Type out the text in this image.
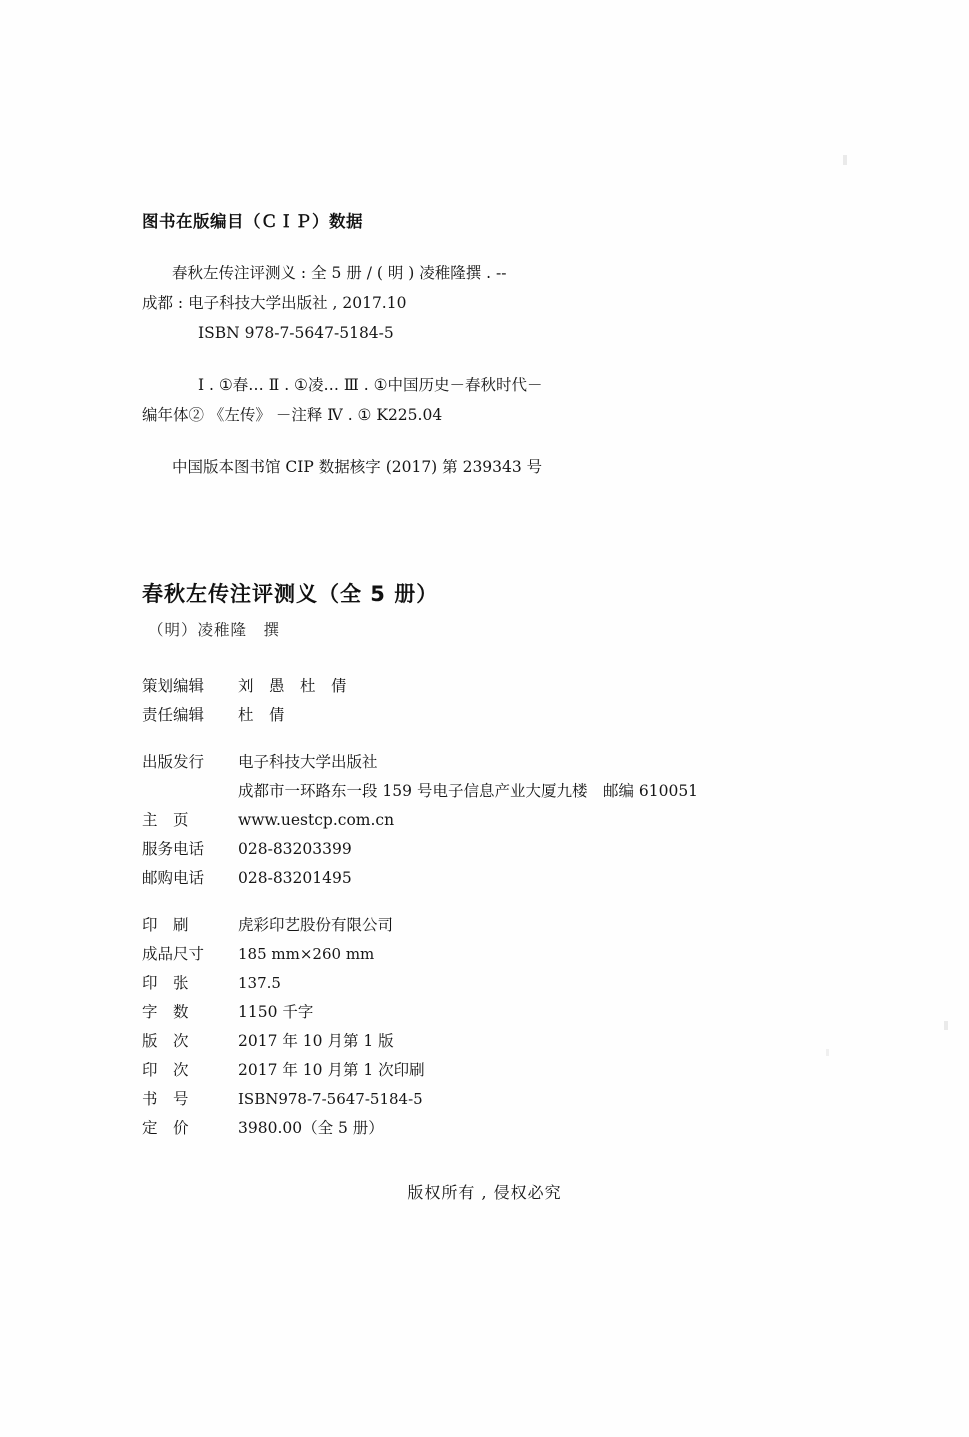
图书在版编目（ＣＩＰ）数据

春秋左传注评测义 : 全 5 册 / ( 明 ) 凌稚隆撰 . --

成都 : 电子科技大学出版社 , 2017.10

ISBN 978-7-5647-5184-5

Ⅰ . ①春… Ⅱ . ①凌… Ⅲ . ①中国历史－春秋时代－

编年体② 《左传》 －注释 Ⅳ . ① K225.04

中国版本图书馆 CIP 数据核字 (2017) 第 239343 号

春秋左传注评测义（全 5 册）
（明）凌稚隆　撰
策划编辑	刘　愚　杜　倩
责任编辑	杜　倩
出版发行	电子科技大学出版社
成都市一环路东一段 159 号电子信息产业大厦九楼　邮编 610051
主　页	www.uestcp.com.cn
服务电话	028-83203399
邮购电话	028-83201495
印　刷	虎彩印艺股份有限公司
成品尺寸	185 mm×260 mm
印　张	137.5
字　数	1150 千字
版　次	2017 年 10 月第 1 版
印　次	2017 年 10 月第 1 次印刷
书　号	ISBN978-7-5647-5184-5
定　价	3980.00（全 5 册）
版权所有 , 侵权必究
